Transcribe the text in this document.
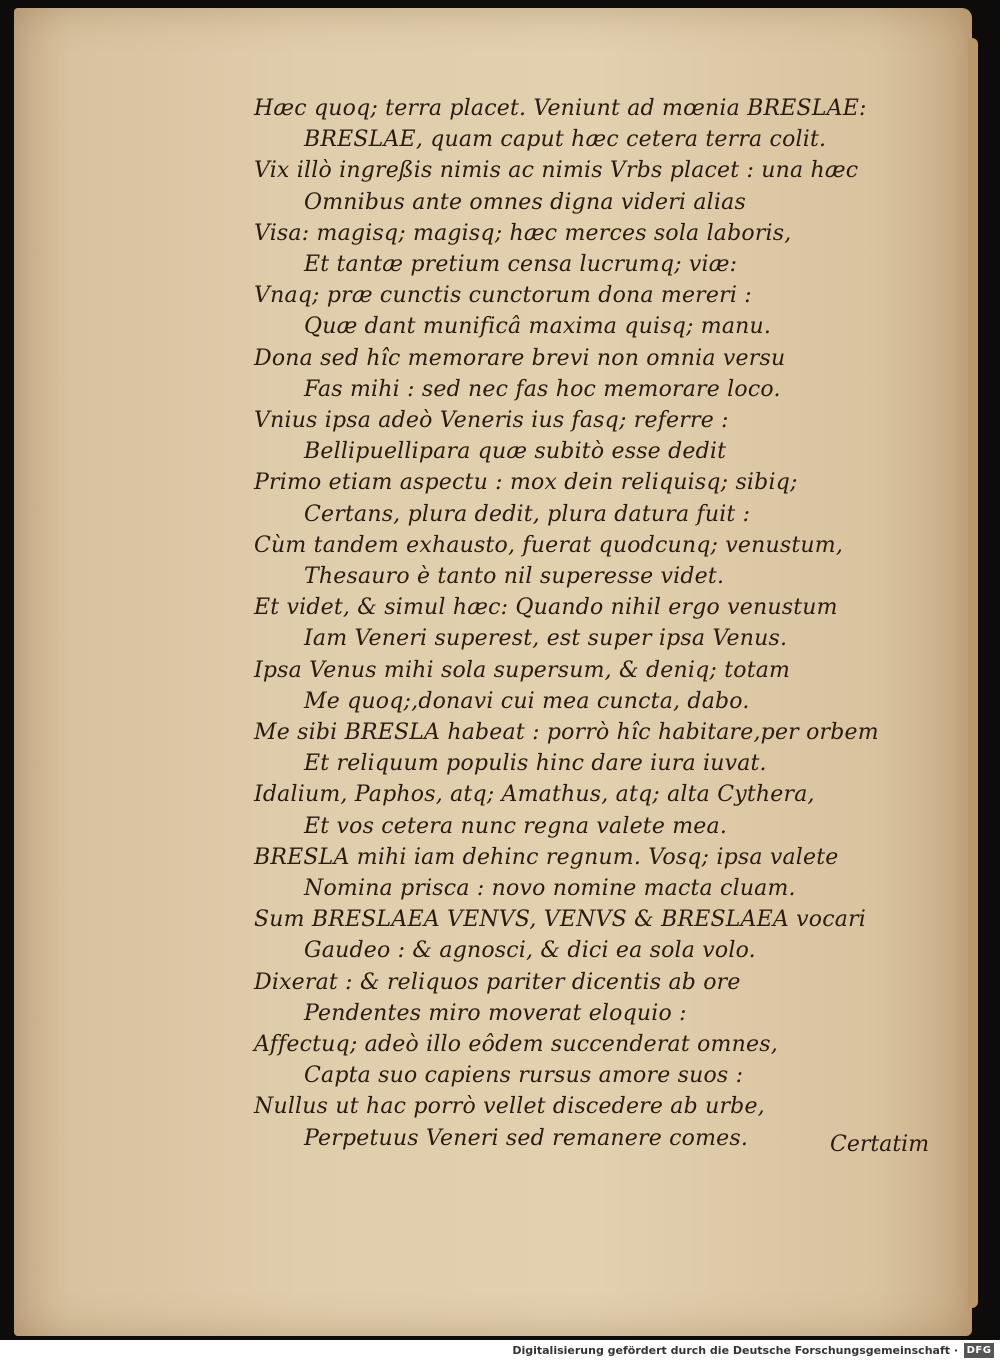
Hæc quoq; terra placet. Veniunt ad mœnia BRESLAE:
BRESLAE, quam caput hæc cetera terra colit.
Vix illò ingreßis nimis ac nimis Vrbs placet : una hæc
Omnibus ante omnes digna videri alias
Visa: magisq; magisq; hæc merces sola laboris,
Et tantæ pretium censa lucrumq; viæ:
Vnaq; præ cunctis cunctorum dona mereri :
Quæ dant munificâ maxima quisq; manu.
Dona sed hîc memorare brevi non omnia versu
Fas mihi : sed nec fas hoc memorare loco.
Vnius ipsa adeò Veneris ius fasq; referre :
Bellipuellipara quæ subitò esse dedit
Primo etiam aspectu : mox dein reliquisq; sibiq;
Certans, plura dedit, plura datura fuit :
Cùm tandem exhausto, fuerat quodcunq; venustum,
Thesauro è tanto nil superesse videt.
Et videt, & simul hæc: Quando nihil ergo venustum
Iam Veneri superest, est super ipsa Venus.
Ipsa Venus mihi sola supersum, & deniq; totam
Me quoq;,donavi cui mea cuncta, dabo.
Me sibi BRESLA habeat : porrò hîc habitare,per orbem
Et reliquum populis hinc dare iura iuvat.
Idalium, Paphos, atq; Amathus, atq; alta Cythera,
Et vos cetera nunc regna valete mea.
BRESLA mihi iam dehinc regnum. Vosq; ipsa valete
Nomina prisca : novo nomine macta cluam.
Sum BRESLAEA VENVS, VENVS & BRESLAEA vocari
Gaudeo : & agnosci, & dici ea sola volo.
Dixerat : & reliquos pariter dicentis ab ore
Pendentes miro moverat eloquio :
Affectuq; adeò illo eôdem succenderat omnes,
Capta suo capiens rursus amore suos :
Nullus ut hac porrò vellet discedere ab urbe,
Perpetuus Veneri sed remanere comes.	Certatim
Digitalisierung gefördert durch die Deutsche Forschungsgemeinschaft · DFG
